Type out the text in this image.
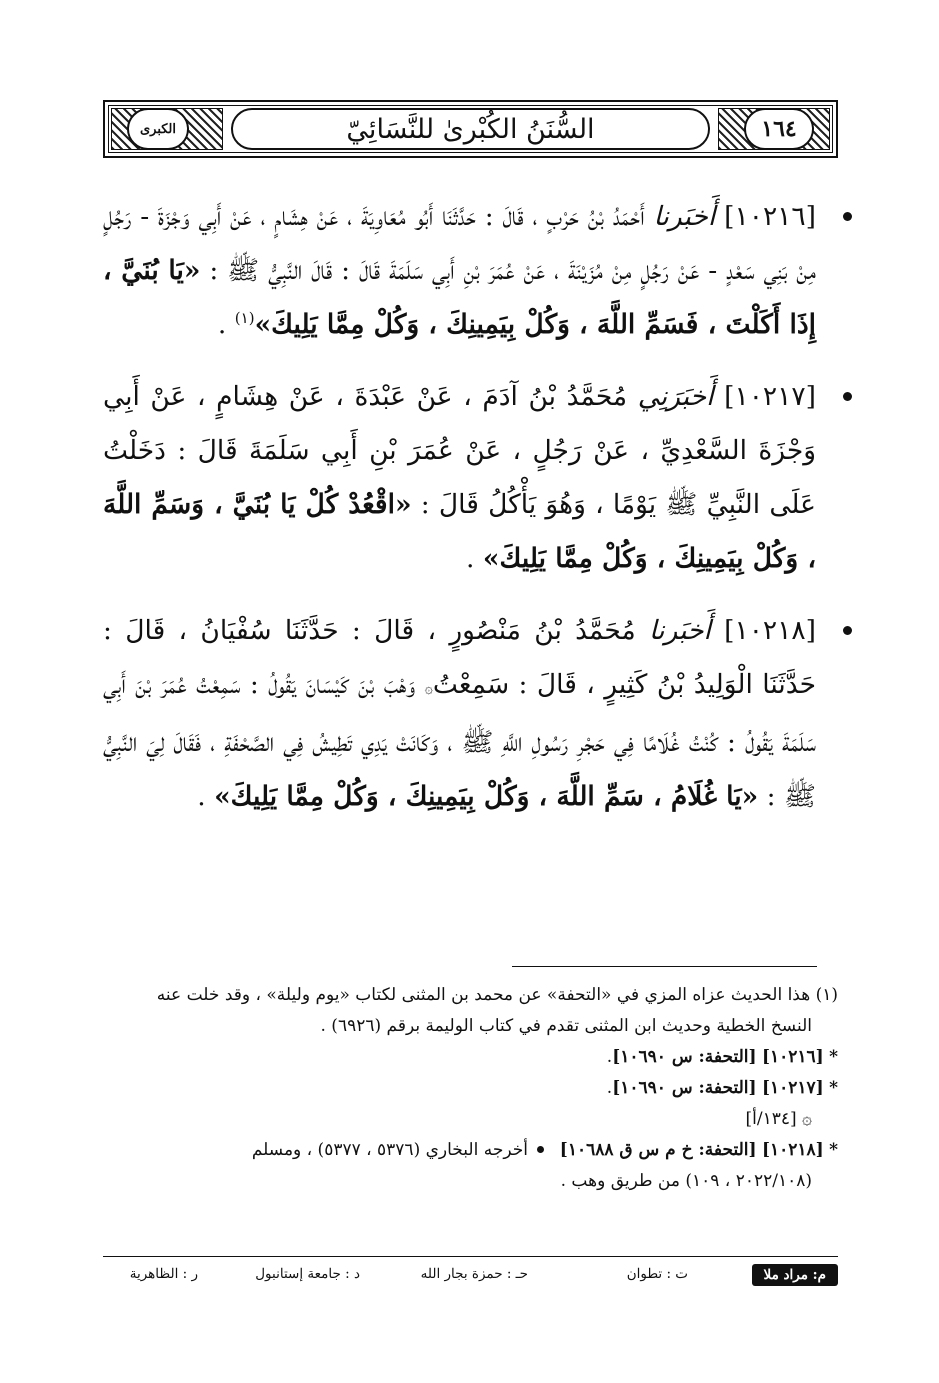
الكبرى	١٦٤
السُّنَنُ الكُبْرىٰ للنَّسَائِيّ

[١٠٢١٦] أَخبَرنا أَحْمَدُ بْنُ حَرْبٍ ، قَالَ : حَدَّثَنَا أَبُو مُعَاوِيَةَ ، عَنْ هِشَامٍ ، عَنْ أَبِي وَجْزَةَ - رَجُلٍ مِنْ بَنِي سَعْدٍ - عَنْ رَجُلٍ مِنْ مُزَيْنَةَ ، عَنْ عُمَرَ بْنِ أَبِي سَلَمَةَ قَالَ : قَالَ النَّبِيُّ ﷺ : «يَا بُنَيَّ ، إِذَا أَكَلْتَ ، فَسَمِّ اللَّهَ ، وَكُلْ بِيَمِينِكَ ، وَكُلْ مِمَّا يَلِيكَ»$^{(١)}$ .

[١٠٢١٧] أَخبَرَنِي مُحَمَّدُ بْنُ آدَمَ ، عَنْ عَبْدَةَ ، عَنْ هِشَامٍ ، عَنْ أَبِي وَجْزَةَ السَّعْدِيِّ ، عَنْ رَجُلٍ ، عَنْ عُمَرَ بْنِ أَبِي سَلَمَةَ قَالَ : دَخَلْتُ عَلَى النَّبِيِّ ﷺ يَوْمًا ، وَهُوَ يَأْكُلُ قَالَ : «اقْعُدْ كُلْ يَا بُنَيَّ ، وَسَمِّ اللَّهَ ، وَكُلْ بِيَمِينِكَ ، وَكُلْ مِمَّا يَلِيكَ» .

[١٠٢١٨] أَخبَرنا مُحَمَّدُ بْنُ مَنْصُورٍ ، قَالَ : حَدَّثَنَا سُفْيَانُ ، قَالَ : حَدَّثَنَا الْوَلِيدُ بْنُ كَثِيرٍ ، قَالَ : سَمِعْتُ۞ وَهْبَ بْنَ كَيْسَانَ يَقُولُ : سَمِعْتُ عُمَرَ بْنَ أَبِي سَلَمَةَ يَقُولُ : كُنْتُ غُلَامًا فِي حَجْرِ رَسُولِ اللَّهِ ﷺ ، وَكَانَتْ يَدِي تَطِيشُ فِي الصَّحْفَةِ ، فَقَالَ لِيَ النَّبِيُّ ﷺ : «يَا غُلَامُ ، سَمِّ اللَّهَ ، وَكُلْ بِيَمِينِكَ ، وَكُلْ مِمَّا يَلِيكَ» .

(١) هذا الحديث عزاه المزي في «التحفة» عن محمد بن المثنى لكتاب «يوم وليلة» ، وقد خلت عنه

النسخ الخطية وحديث ابن المثنى تقدم في كتاب الوليمة برقم (٦٩٢٦) .

* [١٠٢١٦] [التحفة: س ١٠٦٩٠].

* [١٠٢١٧] [التحفة: س ١٠٦٩٠].

۞ [١٣٤/أ]

* [١٠٢١٨] [التحفة: خ م س ق ١٠٦٨٨]  أخرجه البخاري (٥٣٧٦ ، ٥٣٧٧) ، ومسلم

(٢٠٢٢/١٠٨ ، ١٠٩) من طريق وهب .

م: مراد ملا
ت : تطوان
حـ : حمزة بجار الله
د : جامعة إستانبول
ر : الظاهرية
